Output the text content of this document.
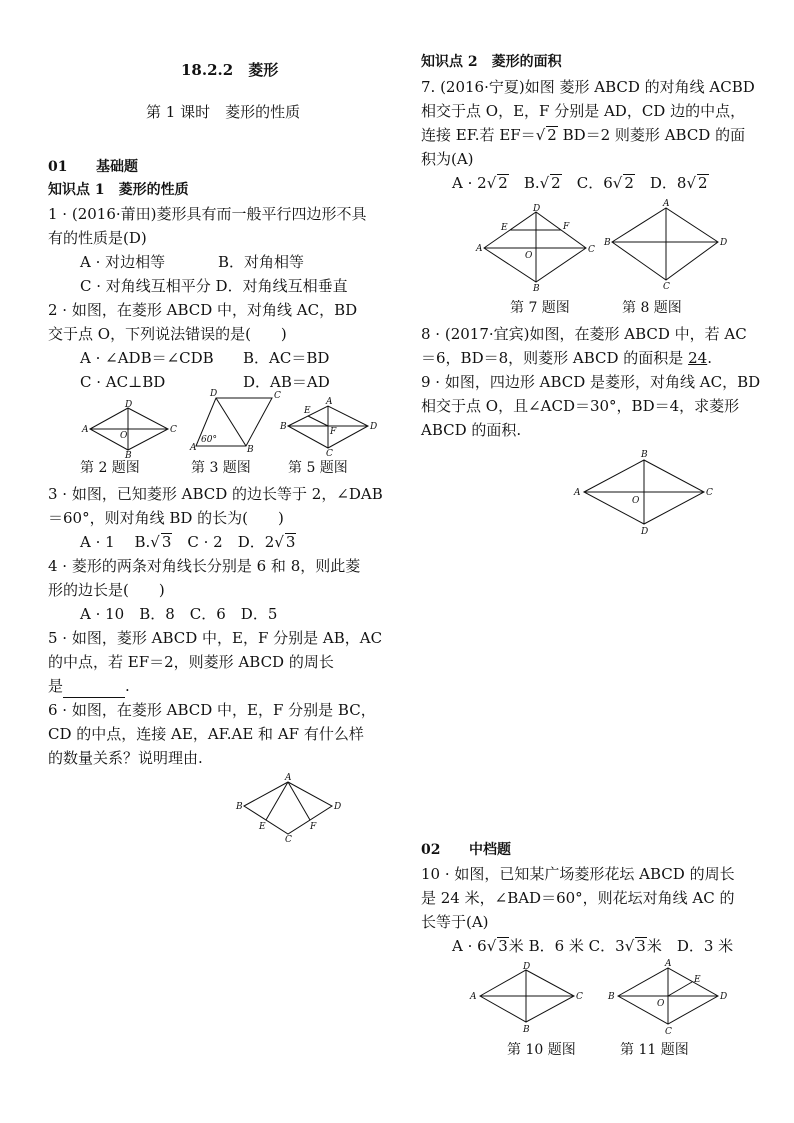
18.2.2　菱形
第 1 课时　菱形的性质
01 基础题
知识点 1　菱形的性质
1 · (2016·莆田)菱形具有而一般平行四边形不具
有的性质是(D)
A · 对边相等	B．对角相等
C · 对角线互相平分 D．对角线互相垂直
2 · 如图，在菱形 ABCD 中，对角线 AC，BD
交于点 O，下列说法错误的是(　　)
A · ∠ADB＝∠CDB B．AC＝BD
C · AC⊥BD	D．AB＝AD
A
D
C
B
O
D	C
A	B
60°
B
A
D
C
E
F
第 2 题图	第 3 题图	第 5 题图
3 · 如图，已知菱形 ABCD 的边长等于 2，∠DAB
＝60°，则对角线 BD 的长为(　　)
A · 1　 B.√ 3　 C · 2　 D．2√ 3
4 · 菱形的两条对角线长分别是 6 和 8，则此菱
形的边长是(　　)
A · 10　B．8　C．6　D．5
5 · 如图，菱形 ABCD 中，E，F 分别是 AB，AC
的中点，若 EF＝2，则菱形 ABCD 的周长
是	.
6 · 如图，在菱形 ABCD 中，E，F 分别是 BC，
CD 的中点，连接 AE，AF.AE 和 AF 有什么样
的数量关系？说明理由.
B
A
D
C
E	F
知识点 2　菱形的面积
7. (2016·宁夏)如图 菱形 ABCD 的对角线 ACBD
相交于点 O，E，F 分别是 AD，CD 边的中点，
连接 EF.若 EF＝√ 2 BD＝2 则菱形 ABCD 的面
积为(A)
A · 2√ 2　 B.√ 2　 C．6√ 2　 D．8√ 2
A
D
C
B
O
E	F
B
A
D
C
第 7 题图	第 8 题图
8 · (2017·宜宾)如图，在菱形 ABCD 中，若 AC
＝6，BD＝8，则菱形 ABCD 的面积是 24.
9 · 如图，四边形 ABCD 是菱形，对角线 AC，BD
相交于点 O，且∠ACD＝30°，BD＝4，求菱形
ABCD 的面积.
A
B
C
D
O
02 中档题
10 · 如图，已知某广场菱形花坛 ABCD 的周长
是 24 米，∠BAD＝60°，则花坛对角线 AC 的
长等于(A)
A · 6√ 3米 B．6 米 C．3√ 3米　D．3 米
A
D
C
B
B
A
D
C
O
E
第 10 题图	第 11 题图
